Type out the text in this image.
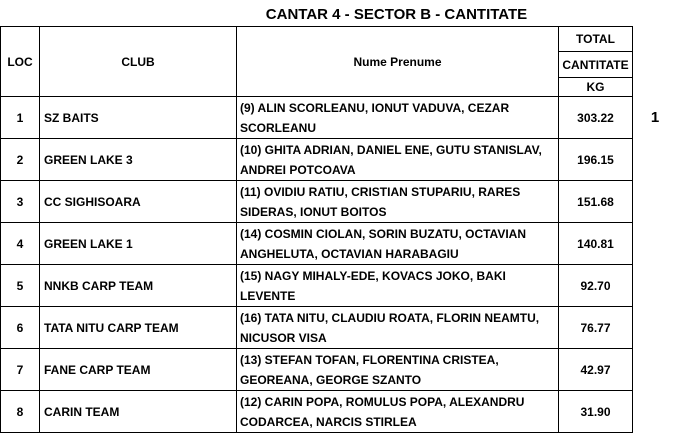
CANTAR 4 - SECTOR B - CANTITATE
LOC	CLUB	Nume Prenume	TOTAL
			CANTITATE
			KG
1	SZ BAITS	(9) ALIN SCORLEANU, IONUT VADUVA, CEZAR SCORLEANU	303.22
2	GREEN LAKE 3	(10) GHITA ADRIAN, DANIEL ENE, GUTU STANISLAV, ANDREI POTCOAVA	196.15
3	CC SIGHISOARA	(11) OVIDIU RATIU, CRISTIAN STUPARIU, RARES SIDERAS, IONUT BOITOS	151.68
4	GREEN LAKE 1	(14) COSMIN CIOLAN, SORIN BUZATU, OCTAVIAN ANGHELUTA, OCTAVIAN HARABAGIU	140.81
5	NNKB CARP TEAM	(15) NAGY MIHALY-EDE, KOVACS JOKO, BAKI LEVENTE	92.70
6	TATA NITU CARP TEAM	(16) TATA NITU, CLAUDIU ROATA, FLORIN NEAMTU, NICUSOR VISA	76.77
7	FANE CARP TEAM	(13) STEFAN TOFAN, FLORENTINA CRISTEA, GEOREANA, GEORGE SZANTO	42.97
8	CARIN TEAM	(12) CARIN POPA, ROMULUS POPA, ALEXANDRU CODARCEA, NARCIS STIRLEA	31.90
1
